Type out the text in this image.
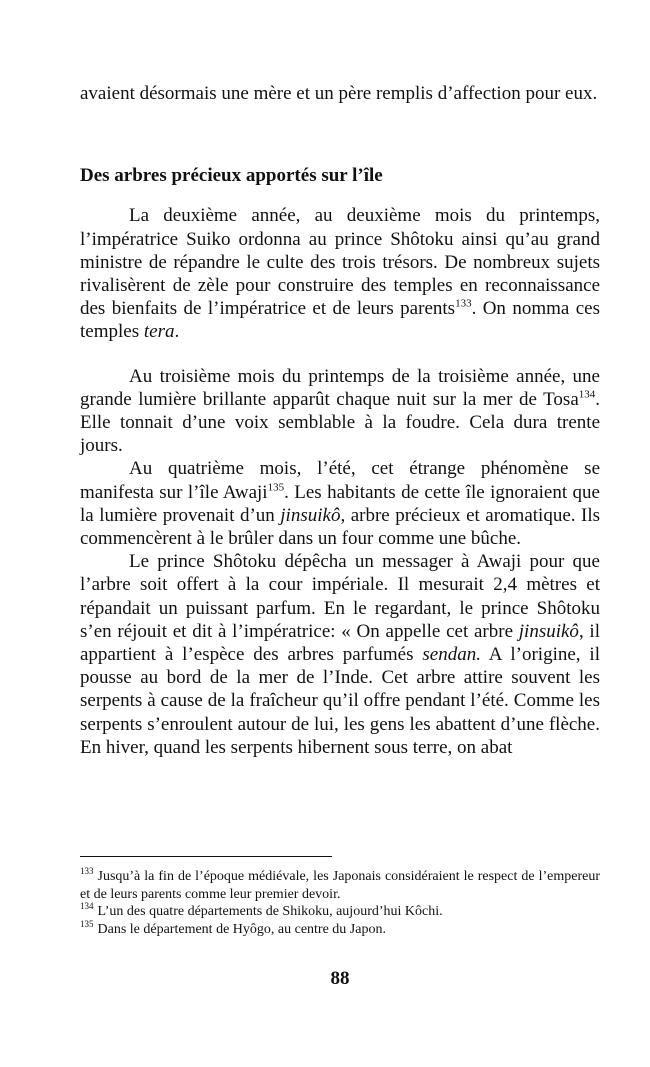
avaient désormais une mère et un père remplis d’affection pour eux.

Des arbres précieux apportés sur l’île

La deuxième année, au deuxième mois du printemps, l’impératrice Suiko ordonna au prince Shôtoku ainsi qu’au grand ministre de répandre le culte des trois trésors. De nombreux sujets rivalisèrent de zèle pour construire des temples en reconnaissance des bienfaits de l’impératrice et de leurs parents$^{133}$. On nomma ces temples tera.

Au troisième mois du printemps de la troisième année, une grande lumière brillante apparût chaque nuit sur la mer de Tosa$^{134}$. Elle tonnait d’une voix semblable à la foudre. Cela dura trente jours.

Au quatrième mois, l’été, cet étrange phénomène se manifesta sur l’île Awaji$^{135}$. Les habitants de cette île ignoraient que la lumière provenait d’un jinsuikô, arbre précieux et aromatique. Ils commencèrent à le brûler dans un four comme une bûche.

Le prince Shôtoku dépêcha un messager à Awaji pour que l’arbre soit offert à la cour impériale. Il mesurait 2,4 mètres et répandait un puissant parfum. En le regardant, le prince Shôtoku s’en réjouit et dit à l’impératrice: « On appelle cet arbre jinsuikô, il appartient à l’espèce des arbres parfumés sendan. A l’origine, il pousse au bord de la mer de l’Inde. Cet arbre attire souvent les serpents à cause de la fraîcheur qu’il offre pendant l’été. Comme les serpents s’enroulent autour de lui, les gens les abattent d’une flèche. En hiver, quand les serpents hibernent sous terre, on abat

$^{133}$ Jusqu’à la fin de l’époque médiévale, les Japonais considéraient le respect de l’empereur et de leurs parents comme leur premier devoir.

$^{134}$ L’un des quatre départements de Shikoku, aujourd’hui Kôchi.

$^{135}$ Dans le département de Hyôgo, au centre du Japon.

88
